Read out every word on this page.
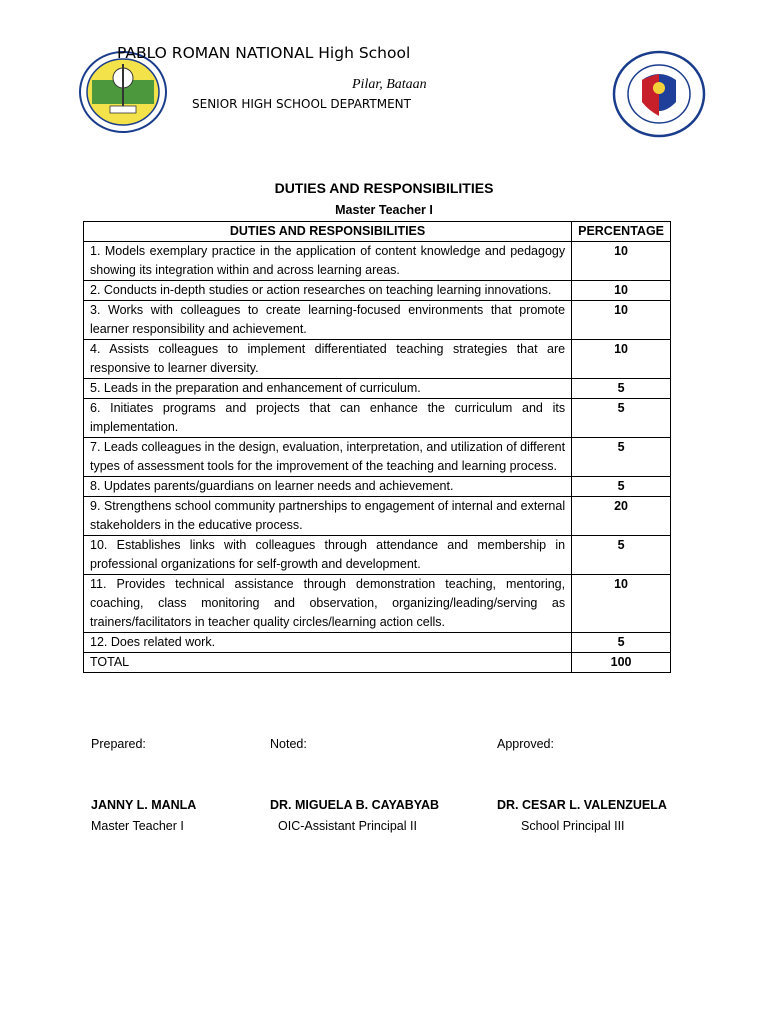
PABLO ROMAN NATIONAL High School
Pilar, Bataan
SENIOR HIGH SCHOOL DEPARTMENT
DUTIES AND RESPONSIBILITIES
Master Teacher I
DUTIES AND RESPONSIBILITIES	PERCENTAGE
1. Models exemplary practice in the application of content knowledge and pedagogy showing its integration within and across learning areas.	10
2. Conducts in-depth studies or action researches on teaching learning innovations.	10
3. Works with colleagues to create learning-focused environments that promote learner responsibility and achievement.	10
4. Assists colleagues to implement differentiated teaching strategies that are responsive to learner diversity.	10
5. Leads in the preparation and enhancement of curriculum.	5
6. Initiates programs and projects that can enhance the curriculum and its implementation.	5
7. Leads colleagues in the design, evaluation, interpretation, and utilization of different types of assessment tools for the improvement of the teaching and learning process.	5
8. Updates parents/guardians on learner needs and achievement.	5
9. Strengthens school community partnerships to engagement of internal and external stakeholders in the educative process.	20
10. Establishes links with colleagues through attendance and membership in professional organizations for self-growth and development.	5
11. Provides technical assistance through demonstration teaching, mentoring, coaching, class monitoring and observation, organizing/leading/serving as trainers/facilitators in teacher quality circles/learning action cells.	10
12. Does related work.	5
TOTAL	100
Prepared:	Noted:	Approved:
JANNY L. MANLA	DR. MIGUELA B. CAYABYAB	DR. CESAR L. VALENZUELA
Master Teacher I	OIC-Assistant Principal II	School Principal III
